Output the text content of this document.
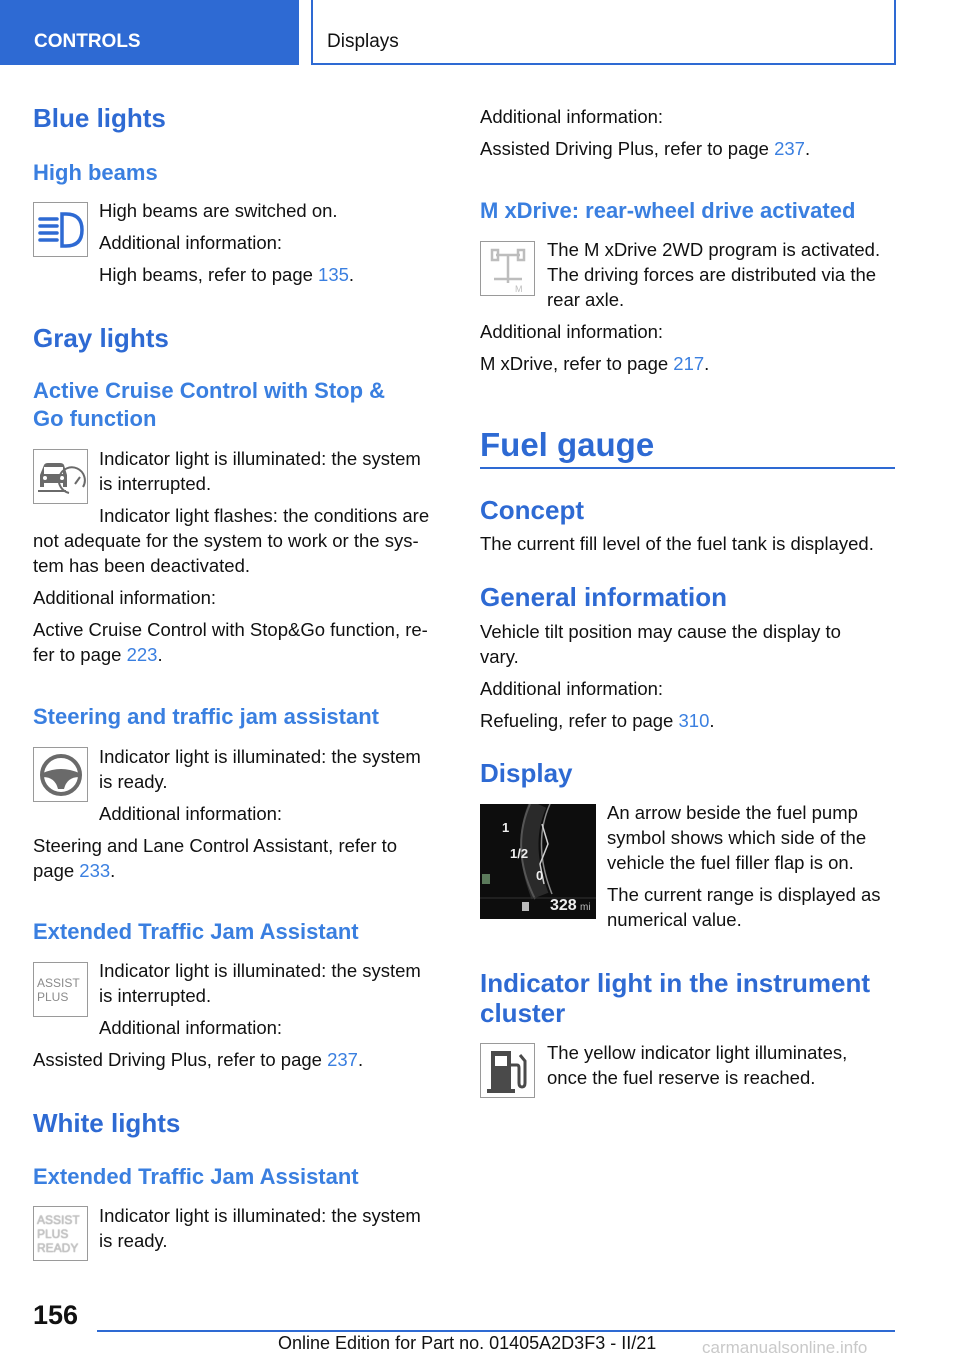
CONTROLS	Displays
Blue lights
High beams

High beams are switched on.

Additional information:

High beams, refer to page 135.

Gray lights
Active Cruise Control with Stop &
Go function

Indicator light is illuminated: the system

is interrupted.

Indicator light flashes: the conditions are

not adequate for the system to work or the sys‐

tem has been deactivated.

Additional information:

Active Cruise Control with Stop&Go function, re‐

fer to page 223.

Steering and traffic jam assistant

Indicator light is illuminated: the system

is ready.

Additional information:

Steering and Lane Control Assistant, refer to

page 233.

Extended Traffic Jam Assistant
ASSIST
PLUS

Indicator light is illuminated: the system

is interrupted.

Additional information:

Assisted Driving Plus, refer to page 237.

White lights
Extended Traffic Jam Assistant
ASSIST
PLUS
READY

Indicator light is illuminated: the system

is ready.

Additional information:

Assisted Driving Plus, refer to page 237.

M xDrive: rear-wheel drive activated
M

The M xDrive 2WD program is activated.

The driving forces are distributed via the

rear axle.

Additional information:

M xDrive, refer to page 217.

Fuel gauge
Concept

The current fill level of the fuel tank is displayed.

General information

Vehicle tilt position may cause the display to

vary.

Additional information:

Refueling, refer to page 310.

Display
1
1/2
0
328 mi

An arrow beside the fuel pump

symbol shows which side of the

vehicle the fuel filler flap is on.

The current range is displayed as

numerical value.

Indicator light in the instrument
cluster

The yellow indicator light illuminates,

once the fuel reserve is reached.

156
Online Edition for Part no. 01405A2D3F3 - II/21	carmanualsonline.info
